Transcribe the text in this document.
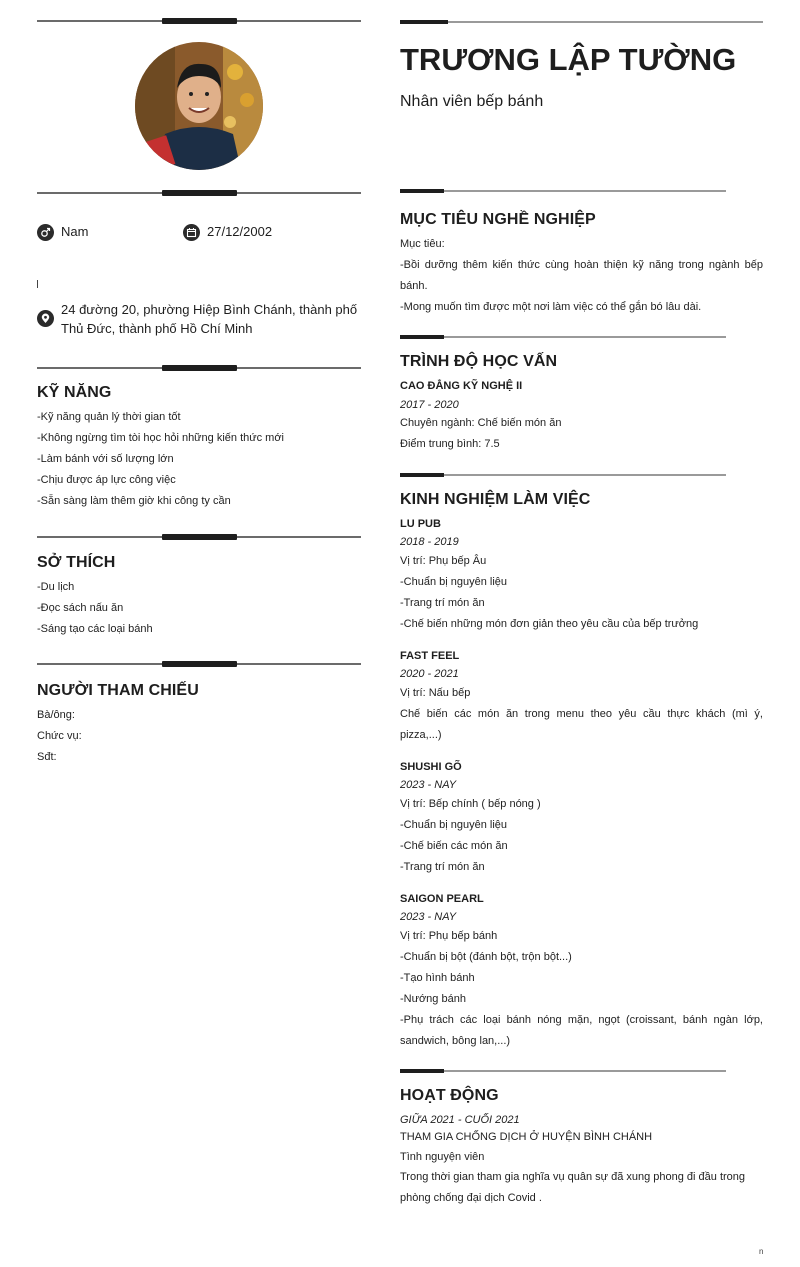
Nam	27/12/2002
24 đường 20, phường Hiệp Bình Chánh, thành phố
Thủ Đức, thành phố Hồ Chí Minh
KỸ NĂNG
-Kỹ năng quản lý thời gian tốt
-Không ngừng tìm tòi học hỏi những kiến thức mới
-Làm bánh với số lượng lớn
-Chịu được áp lực công việc
-Sẵn sàng làm thêm giờ khi công ty cần
SỞ THÍCH
-Du lịch
-Đọc sách nấu ăn
-Sáng tạo các loại bánh
NGƯỜI THAM CHIẾU
Bà/ông:
Chức vụ:
Sđt:
TRƯƠNG LẬP TƯỜNG
Nhân viên bếp bánh
MỤC TIÊU NGHỀ NGHIỆP
Mục tiêu:
-Bồi dưỡng thêm kiến thức cùng hoàn thiện kỹ năng trong ngành bếp
bánh.
-Mong muốn tìm được một nơi làm việc có thể gắn bó lâu dài.
TRÌNH ĐỘ HỌC VẤN
CAO ĐẲNG KỸ NGHỆ II
2017 - 2020
Chuyên ngành: Chế biến món ăn
Điểm trung bình: 7.5
KINH NGHIỆM LÀM VIỆC
LU PUB
2018 - 2019
Vị trí: Phụ bếp Âu
-Chuẩn bị nguyên liệu
-Trang trí món ăn
-Chế biến những món đơn giản theo yêu cầu của bếp trưởng
FAST FEEL
2020 - 2021
Vị trí: Nấu bếp
Chế biến các món ăn trong menu theo yêu cầu thực khách (mì ý,
pizza,...)
SHUSHI GÕ
2023 - NAY
Vị trí: Bếp chính ( bếp nóng )
-Chuẩn bị nguyên liệu
-Chế biến các món ăn
-Trang trí món ăn
SAIGON PEARL
2023 - NAY
Vị trí: Phụ bếp bánh
-Chuẩn bị bột (đánh bột, trộn bột...)
-Tạo hình bánh
-Nướng bánh
-Phụ trách các loại bánh nóng mặn, ngọt (croissant, bánh ngàn lớp,
sandwich, bông lan,...)
HOẠT ĐỘNG
GIỮA 2021 - CUỐI 2021
THAM GIA CHỐNG DỊCH Ở HUYỆN BÌNH CHÁNH
Tình nguyện viên
Trong thời gian tham gia nghĩa vụ quân sự đã xung phong đi đầu trong
phòng chống đại dịch Covid .
n
